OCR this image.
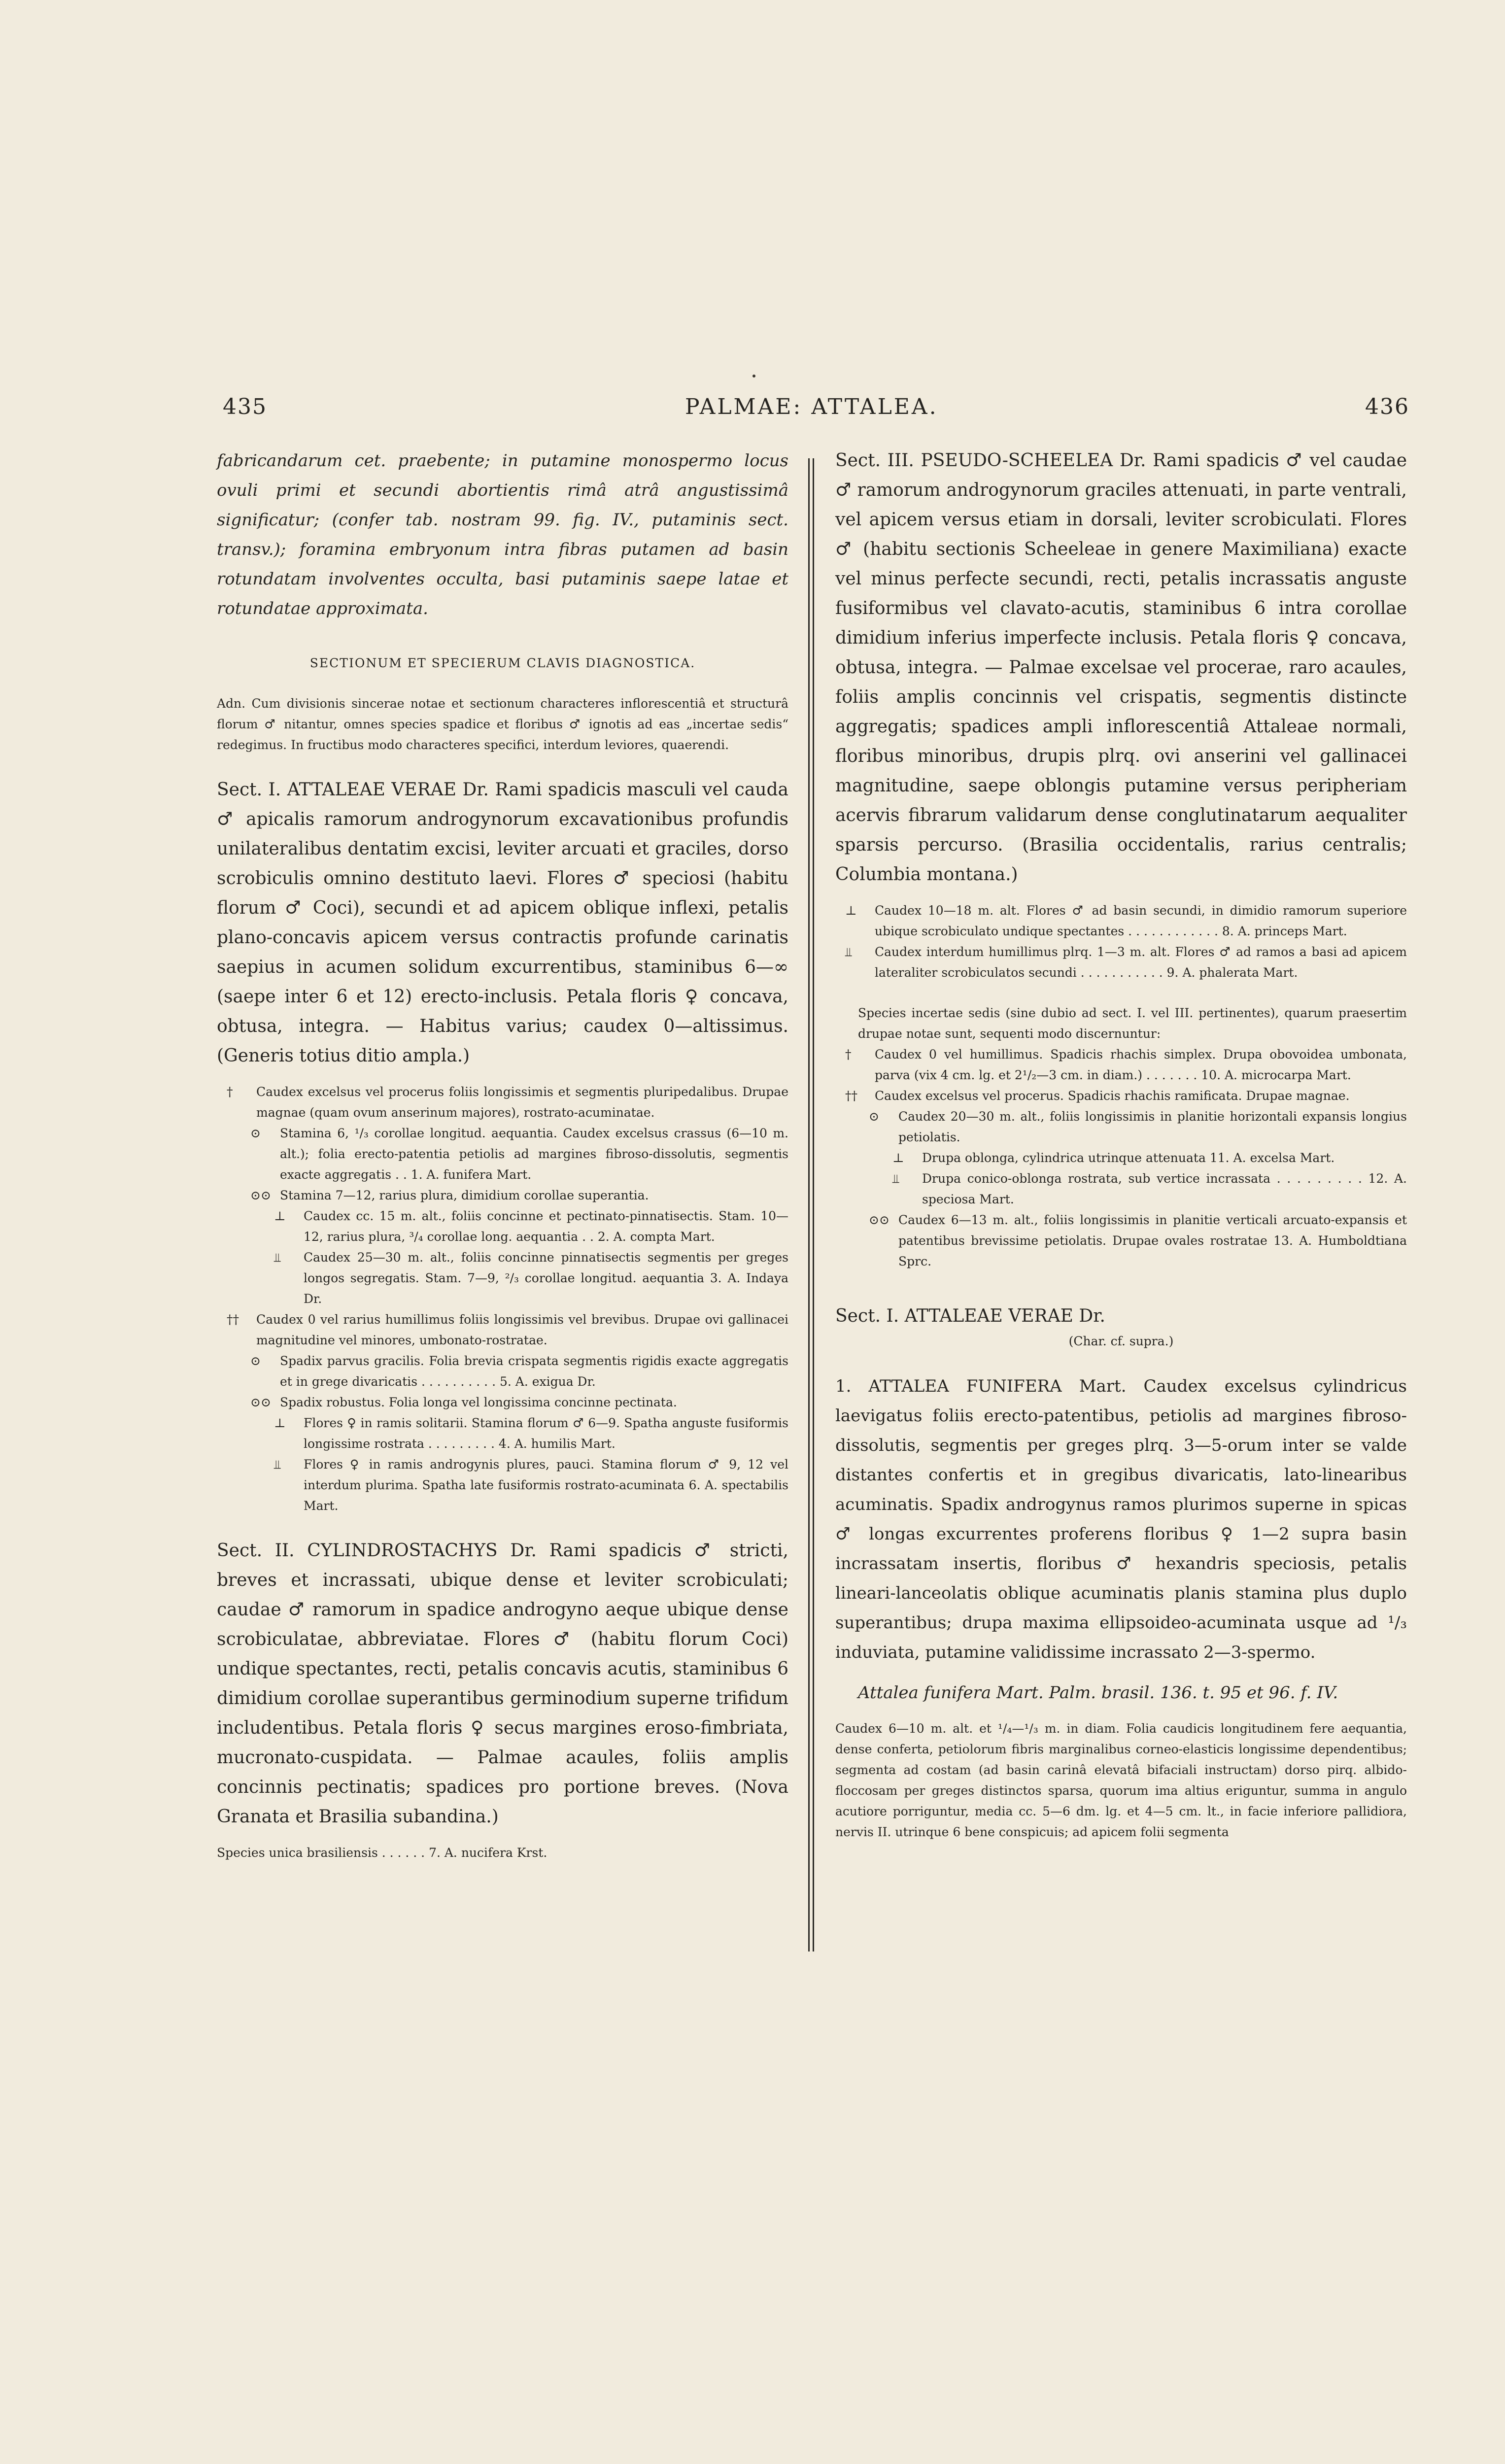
435	PALMAE: ATTALEA.	436

fabricandarum cet. praebente; in putamine monospermo locus ovuli primi et secundi abortientis rimâ atrâ angustissimâ significatur; (confer tab. nostram 99. fig. IV., putaminis sect. transv.); foramina embryonum intra fibras putamen ad basin rotundatam involventes occulta, basi putaminis saepe latae et rotundatae approximata.

SECTIONUM ET SPECIERUM CLAVIS DIAGNOSTICA.

Adn. Cum divisionis sincerae notae et sectionum characteres inflorescentiâ et structurâ florum ♂ nitantur, omnes species spadice et floribus ♂ ignotis ad eas „incertae sedis“ redegimus. In fructibus modo characteres specifici, interdum leviores, quaerendi.

Sect. I. ATTALEAE VERAE Dr. Rami spadicis masculi vel cauda ♂ apicalis ramorum androgynorum excavationibus profundis unilateralibus dentatim excisi, leviter arcuati et graciles, dorso scrobiculis omnino destituto laevi. Flores ♂ speciosi (habitu florum ♂ Coci), secundi et ad apicem oblique inflexi, petalis plano-concavis apicem versus contractis profunde carinatis saepius in acumen solidum excurrentibus, staminibus 6—∞ (saepe inter 6 et 12) erecto-inclusis. Petala floris ♀ concava, obtusa, integra. — Habitus varius; caudex 0—altissimus. (Generis totius ditio ampla.)

†	Caudex excelsus vel procerus foliis longissimis et segmentis pluripedalibus. Drupae magnae (quam ovum anserinum majores), rostrato-acuminatae.
⊙	Stamina 6, ¹/₃ corollae longitud. aequantia. Caudex excelsus crassus (6—10 m. alt.); folia erecto-patentia petiolis ad margines fibroso-dissolutis, segmentis exacte aggregatis . . 1. A. funifera Mart.
⊙⊙ Stamina 7—12, rarius plura, dimidium corollae superantia.
⊥	Caudex cc. 15 m. alt., foliis concinne et pectinato-pinnatisectis. Stam. 10—12, rarius plura, ³/₄ corollae long. aequantia . . 2. A. compta Mart.
⫫	Caudex 25—30 m. alt., foliis concinne pinnatisectis segmentis per greges longos segregatis. Stam. 7—9, ²/₃ corollae longitud. aequantia 3. A. Indaya Dr.
††	Caudex 0 vel rarius humillimus foliis longissimis vel brevibus. Drupae ovi gallinacei magnitudine vel minores, umbonato-rostratae.
⊙	Spadix parvus gracilis. Folia brevia crispata segmentis rigidis exacte aggregatis et in grege divaricatis . . . . . . . . . . 5. A. exigua Dr.
⊙⊙ Spadix robustus. Folia longa vel longissima concinne pectinata.
⊥	Flores ♀ in ramis solitarii. Stamina florum ♂ 6—9. Spatha anguste fusiformis longissime rostrata . . . . . . . . . 4. A. humilis Mart.
⫫	Flores ♀ in ramis androgynis plures, pauci. Stamina florum ♂ 9, 12 vel interdum plurima. Spatha late fusiformis rostrato-acuminata 6. A. spectabilis Mart.

Sect. II. CYLINDROSTACHYS Dr. Rami spadicis ♂ stricti, breves et incrassati, ubique dense et leviter scrobiculati; caudae ♂ ramorum in spadice androgyno aeque ubique dense scrobiculatae, abbreviatae. Flores ♂ (habitu florum Coci) undique spectantes, recti, petalis concavis acutis, staminibus 6 dimidium corollae superantibus germinodium superne trifidum includentibus. Petala floris ♀ secus margines eroso-fimbriata, mucronato-cuspidata. — Palmae acaules, foliis amplis concinnis pectinatis; spadices pro portione breves. (Nova Granata et Brasilia subandina.)

Species unica brasiliensis . . . . . . 7. A. nucifera Krst.

Sect. III. PSEUDO-SCHEELEA Dr. Rami spadicis ♂ vel caudae ♂ ramorum androgynorum graciles attenuati, in parte ventrali, vel apicem versus etiam in dorsali, leviter scrobiculati. Flores ♂ (habitu sectionis Scheeleae in genere Maximiliana) exacte vel minus perfecte secundi, recti, petalis incrassatis anguste fusiformibus vel clavato-acutis, staminibus 6 intra corollae dimidium inferius imperfecte inclusis. Petala floris ♀ concava, obtusa, integra. — Palmae excelsae vel procerae, raro acaules, foliis amplis concinnis vel crispatis, segmentis distincte aggregatis; spadices ampli inflorescentiâ Attaleae normali, floribus minoribus, drupis plrq. ovi anserini vel gallinacei magnitudine, saepe oblongis putamine versus peripheriam acervis fibrarum validarum dense conglutinatarum aequaliter sparsis percurso. (Brasilia occidentalis, rarius centralis; Columbia montana.)

⊥	Caudex 10—18 m. alt. Flores ♂ ad basin secundi, in dimidio ramorum superiore ubique scrobiculato undique spectantes . . . . . . . . . . . . 8. A. princeps Mart.
⫫	Caudex interdum humillimus plrq. 1—3 m. alt. Flores ♂ ad ramos a basi ad apicem lateraliter scrobiculatos secundi . . . . . . . . . . . 9. A. phalerata Mart.

Species incertae sedis (sine dubio ad sect. I. vel III. pertinentes), quarum praesertim drupae notae sunt, sequenti modo discernuntur:

†	Caudex 0 vel humillimus. Spadicis rhachis simplex. Drupa obovoidea umbonata, parva (vix 4 cm. lg. et 2¹/₂—3 cm. in diam.) . . . . . . . 10. A. microcarpa Mart.
††	Caudex excelsus vel procerus. Spadicis rhachis ramificata. Drupae magnae.
⊙	Caudex 20—30 m. alt., foliis longissimis in planitie horizontali expansis longius petiolatis.
⊥	Drupa oblonga, cylindrica utrinque attenuata 11. A. excelsa Mart.
⫫	Drupa conico-oblonga rostrata, sub vertice incrassata . . . . . . . . . 12. A. speciosa Mart.
⊙⊙ Caudex 6—13 m. alt., foliis longissimis in planitie verticali arcuato-expansis et patentibus brevissime petiolatis. Drupae ovales rostratae 13. A. Humboldtiana Sprc.

Sect. I. ATTALEAE VERAE Dr.

(Char. cf. supra.)

1. ATTALEA FUNIFERA Mart. Caudex excelsus cylindricus laevigatus foliis erecto-patentibus, petiolis ad margines fibroso-dissolutis, segmentis per greges plrq. 3—5-orum inter se valde distantes confertis et in gregibus divaricatis, lato-linearibus acuminatis. Spadix androgynus ramos plurimos superne in spicas ♂ longas excurrentes proferens floribus ♀ 1—2 supra basin incrassatam insertis, floribus ♂ hexandris speciosis, petalis lineari-lanceolatis oblique acuminatis planis stamina plus duplo superantibus; drupa maxima ellipsoideo-acuminata usque ad ¹/₃ induviata, putamine validissime incrassato 2—3-spermo.

Attalea funifera Mart. Palm. brasil. 136. t. 95 et 96. f. IV.

Caudex 6—10 m. alt. et ¹/₄—¹/₃ m. in diam. Folia caudicis longitudinem fere aequantia, dense conferta, petiolorum fibris marginalibus corneo-elasticis longissime dependentibus; segmenta ad costam (ad basin carinâ elevatâ bifaciali instructam) dorso pirq. albido-floccosam per greges distinctos sparsa, quorum ima altius eriguntur, summa in angulo acutiore porriguntur, media cc. 5—6 dm. lg. et 4—5 cm. lt., in facie inferiore pallidiora, nervis II. utrinque 6 bene conspicuis; ad apicem folii segmenta
